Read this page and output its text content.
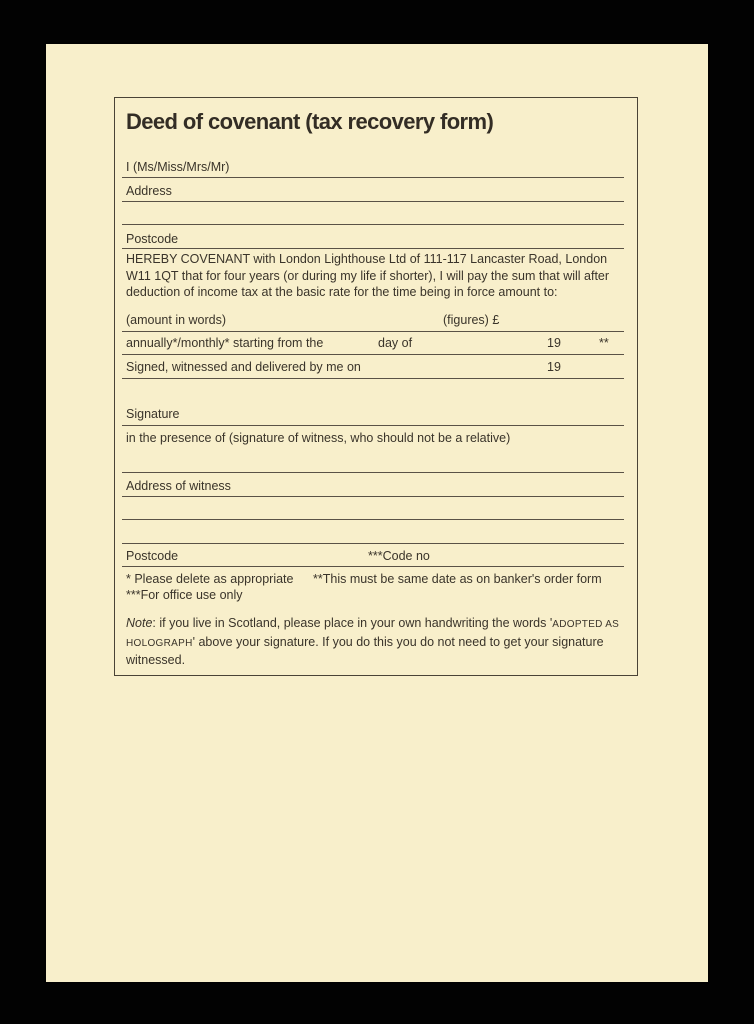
Deed of covenant (tax recovery form)
I (Ms/Miss/Mrs/Mr)
Address
Postcode
HEREBY COVENANT with London Lighthouse Ltd of 111-117 Lancaster Road, London W11 1QT that for four years (or during my life if shorter), I will pay the sum that will after deduction of income tax at the basic rate for the time being in force amount to:
(amount in words)	(figures) £
annually*/monthly* starting from the	day of	19	**
Signed, witnessed and delivered by me on	19
Signature
in the presence of (signature of witness, who should not be a relative)
Address of witness
Postcode	***Code no
* Please delete as appropriate **This must be same date as on banker's order form
***For office use only
Note: if you live in Scotland, please place in your own handwriting the words 'ADOPTED AS HOLOGRAPH' above your signature. If you do this you do not need to get your signature witnessed.
